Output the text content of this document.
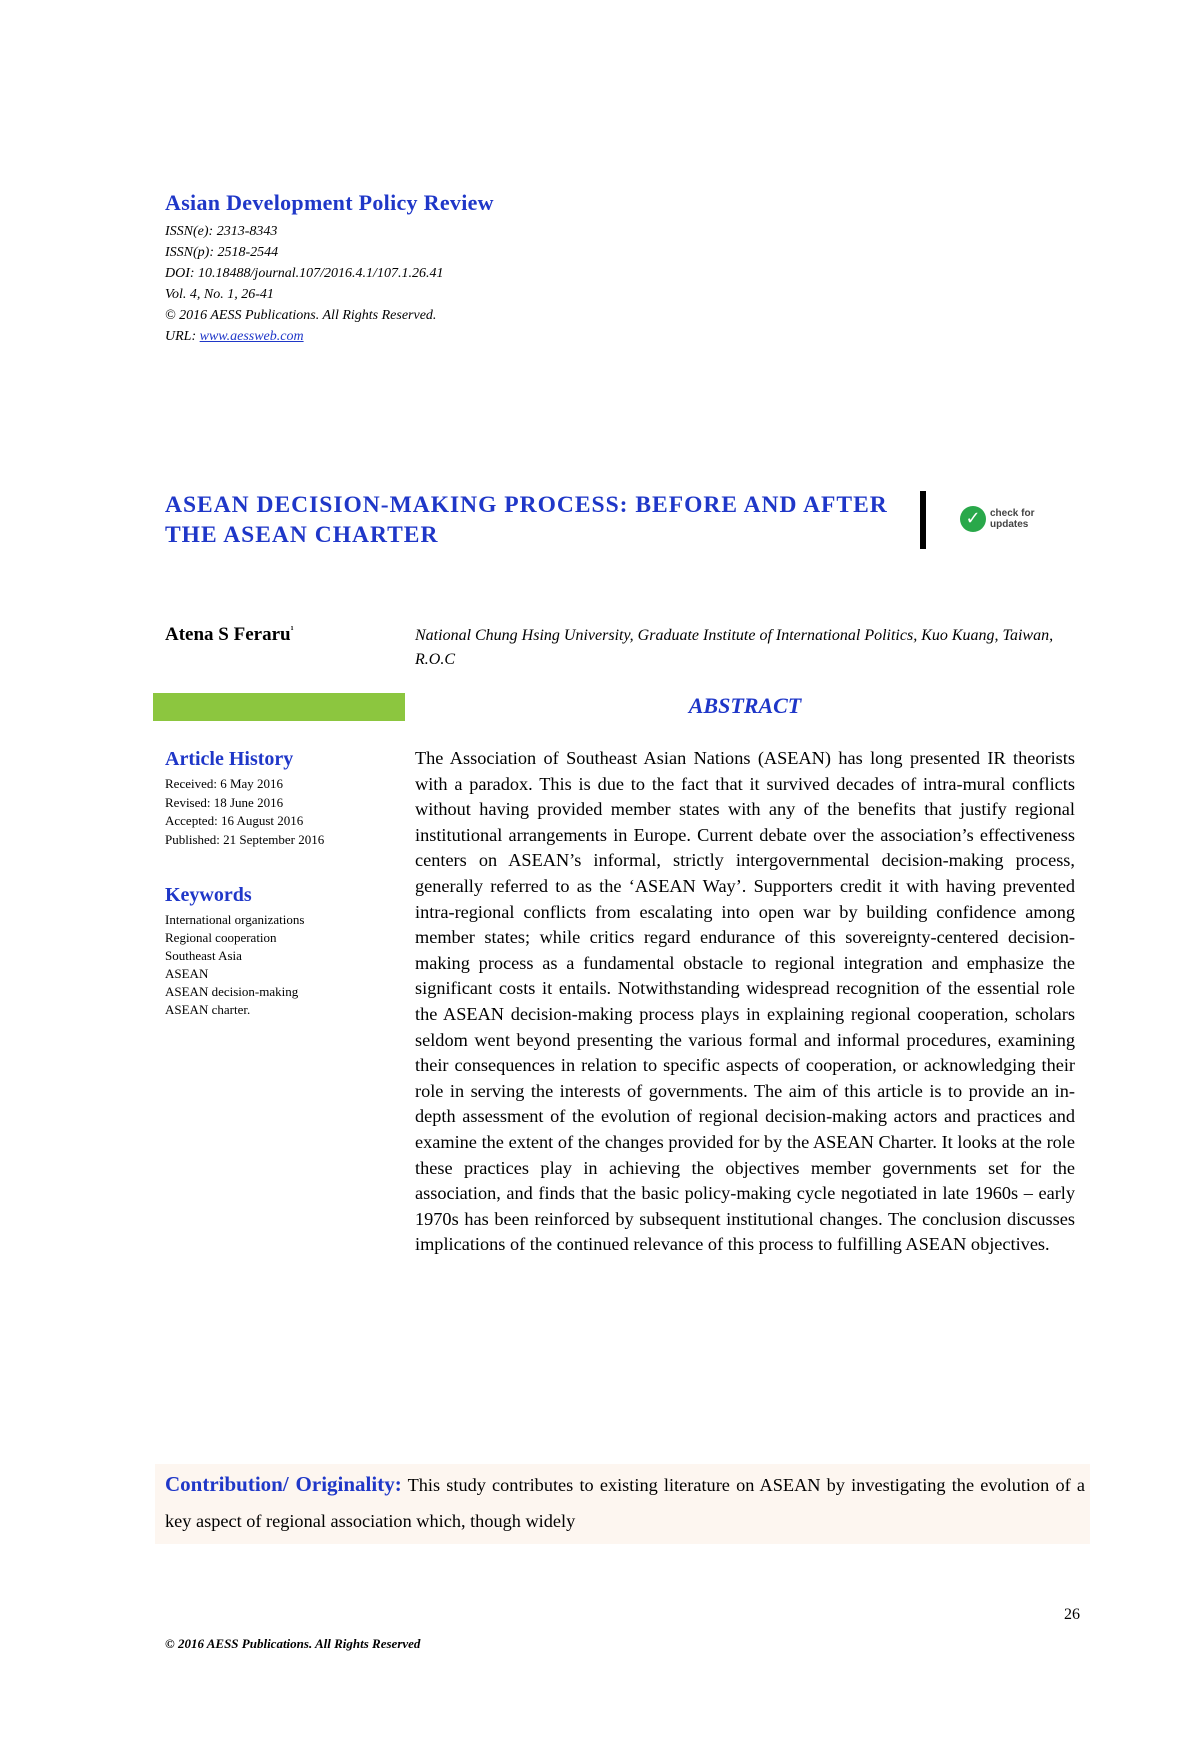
Asian Development Policy Review
ISSN(e): 2313-8343
ISSN(p): 2518-2544
DOI: 10.18488/journal.107/2016.4.1/107.1.26.41
Vol. 4, No. 1, 26-41
© 2016 AESS Publications. All Rights Reserved.
URL: www.aessweb.com
ASEAN DECISION-MAKING PROCESS: BEFORE AND AFTER
THE ASEAN CHARTER
✓ check for
updates
Atena S Feraru$^{^1}$	National Chung Hsing University, Graduate Institute of International Politics, Kuo Kuang, Taiwan, R.O.C
ABSTRACT
Article History
Received: 6 May 2016
Revised: 18 June 2016
Accepted: 16 August 2016
Published: 21 September 2016
Keywords
International organizations
Regional cooperation
Southeast Asia
ASEAN
ASEAN decision-making
ASEAN charter.
The Association of Southeast Asian Nations (ASEAN) has long presented IR theorists with a paradox. This is due to the fact that it survived decades of intra-mural conflicts without having provided member states with any of the benefits that justify regional institutional arrangements in Europe. Current debate over the association’s effectiveness centers on ASEAN’s informal, strictly intergovernmental decision-making process, generally referred to as the ‘ASEAN Way’. Supporters credit it with having prevented intra-regional conflicts from escalating into open war by building confidence among member states; while critics regard endurance of this sovereignty-centered decision-making process as a fundamental obstacle to regional integration and emphasize the significant costs it entails. Notwithstanding widespread recognition of the essential role the ASEAN decision-making process plays in explaining regional cooperation, scholars seldom went beyond presenting the various formal and informal procedures, examining their consequences in relation to specific aspects of cooperation, or acknowledging their role in serving the interests of governments. The aim of this article is to provide an in-depth assessment of the evolution of regional decision-making actors and practices and examine the extent of the changes provided for by the ASEAN Charter. It looks at the role these practices play in achieving the objectives member governments set for the association, and finds that the basic policy-making cycle negotiated in late 1960s – early 1970s has been reinforced by subsequent institutional changes. The conclusion discusses implications of the continued relevance of this process to fulfilling ASEAN objectives.
Contribution/ Originality: This study contributes to existing literature on ASEAN by investigating the evolution of a key aspect of regional association which, though widely
26
© 2016 AESS Publications. All Rights Reserved
